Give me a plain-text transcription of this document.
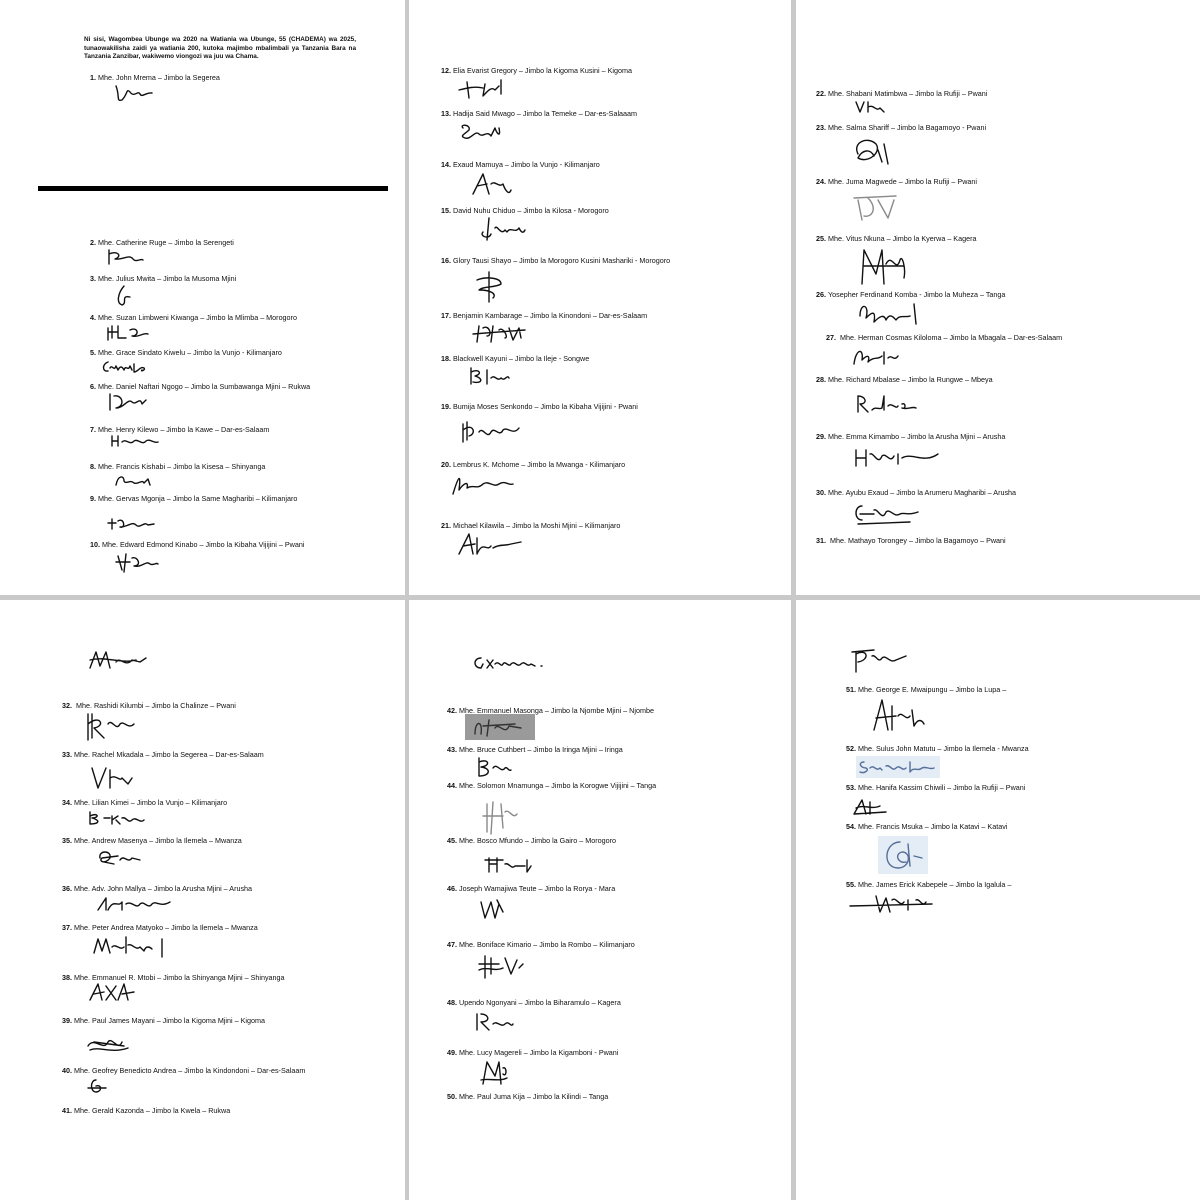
Ni sisi, Wagombea Ubunge wa 2020 na Watiania wa Ubunge, 55 (CHADEMA) wa 2025, tunaowakilisha zaidi ya watiania 200, kutoka majimbo mbalimbali ya Tanzania Bara na Tanzania Zanzibar, wakiwemo viongozi wa juu wa Chama.
1. Mhe. John Mrema – Jimbo la Segerea
2. Mhe. Catherine Ruge – Jimbo la Serengeti
3. Mhe. Julius Mwita – Jimbo la Musoma Mjini
4. Mhe. Suzan Limbweni Kiwanga – Jimbo la Mlimba – Morogoro
5. Mhe. Grace Sindato Kiwelu – Jimbo la Vunjo - Kilimanjaro
6. Mhe. Daniel Naftari Ngogo – Jimbo la Sumbawanga Mjini – Rukwa
7. Mhe. Henry Kilewo – Jimbo la Kawe – Dar-es-Salaam
8. Mhe. Francis Kishabi – Jimbo la Kisesa – Shinyanga
9. Mhe. Gervas Mgonja – Jimbo la Same Magharibi – Kilimanjaro
10. Mhe. Edward Edmond Kinabo – Jimbo la Kibaha Vijijini – Pwani
12. Elia Evarist Gregory – Jimbo la Kigoma Kusini – Kigoma
13. Hadija Said Mwago – Jimbo la Temeke – Dar-es-Salaaam
14. Exaud Mamuya – Jimbo la Vunjo - Kilimanjaro
15. David Nuhu Chiduo – Jimbo la Kilosa - Morogoro
16. Glory Tausi Shayo – Jimbo la Morogoro Kusini Mashariki - Morogoro
17. Benjamin Kambarage – Jimbo la Kinondoni – Dar-es-Salaam
18. Blackwell Kayuni – Jimbo la Ileje - Songwe
19. Bumija Moses Senkondo – Jimbo la Kibaha Vijijini - Pwani
20. Lembrus K. Mchome – Jimbo la Mwanga - Kilimanjaro
21. Michael Kilawila – Jimbo la Moshi Mjini – Kilimanjaro
22. Mhe. Shabani Matimbwa – Jimbo la Rufiji – Pwani
23. Mhe. Salma Shariff – Jimbo la Bagamoyo - Pwani
24. Mhe. Juma Magwede – Jimbo la Rufiji – Pwani
25. Mhe. Vitus Nkuna – Jimbo la Kyerwa – Kagera
26. Yosepher Ferdinand Komba - Jimbo la Muheza – Tanga
27. Mhe. Herman Cosmas Kiloloma – Jimbo la Mbagala – Dar-es-Salaam
28. Mhe. Richard Mbalase – Jimbo la Rungwe – Mbeya
29. Mhe. Emma Kimambo – Jimbo la Arusha Mjini – Arusha
30. Mhe. Ayubu Exaud – Jimbo la Arumeru Magharibi – Arusha
31. Mhe. Mathayo Torongey – Jimbo la Bagamoyo – Pwani
32. Mhe. Rashidi Kilumbi – Jimbo la Chalinze – Pwani
33. Mhe. Rachel Mkadala – Jimbo la Segerea – Dar-es-Salaam
34. Mhe. Lilian Kimei – Jimbo la Vunjo – Kilimanjaro
35. Mhe. Andrew Masenya – Jimbo la Ilemela – Mwanza
36. Mhe. Adv. John Mallya – Jimbo la Arusha Mjini – Arusha
37. Mhe. Peter Andrea Matyoko – Jimbo la Ilemela – Mwanza
38. Mhe. Emmanuel R. Mtobi – Jimbo la Shinyanga Mjini – Shinyanga
39. Mhe. Paul James Mayani – Jimbo la Kigoma Mjini – Kigoma
40. Mhe. Geofrey Benedicto Andrea – Jimbo la Kindondoni – Dar-es-Salaam
41. Mhe. Gerald Kazonda – Jimbo la Kwela – Rukwa
42. Mhe. Emmanuel Masonga – Jimbo la Njombe Mjini – Njombe
43. Mhe. Bruce Cuthbert – Jimbo la Iringa Mjini – Iringa
44. Mhe. Solomon Mnamunga – Jimbo la Korogwe Vijijini – Tanga
45. Mhe. Bosco Mfundo – Jimbo la Gairo – Morogoro
46. Joseph Wamajiwa Teute – Jimbo la Rorya - Mara
47. Mhe. Boniface Kimario – Jimbo la Rombo – Kilimanjaro
48. Upendo Ngonyani – Jimbo la Biharamulo – Kagera
49. Mhe. Lucy Magereli – Jimbo la Kigamboni - Pwani
50. Mhe. Paul Juma Kija – Jimbo la Kilindi – Tanga
51. Mhe. George E. Mwaipungu – Jimbo la Lupa –
52. Mhe. Sulus John Matutu – Jimbo la Ilemela - Mwanza
53. Mhe. Hanifa Kassim Chiwili – Jimbo la Rufiji – Pwani
54. Mhe. Francis Msuka – Jimbo la Katavi – Katavi
55. Mhe. James Erick Kabepele – Jimbo la Igalula –
